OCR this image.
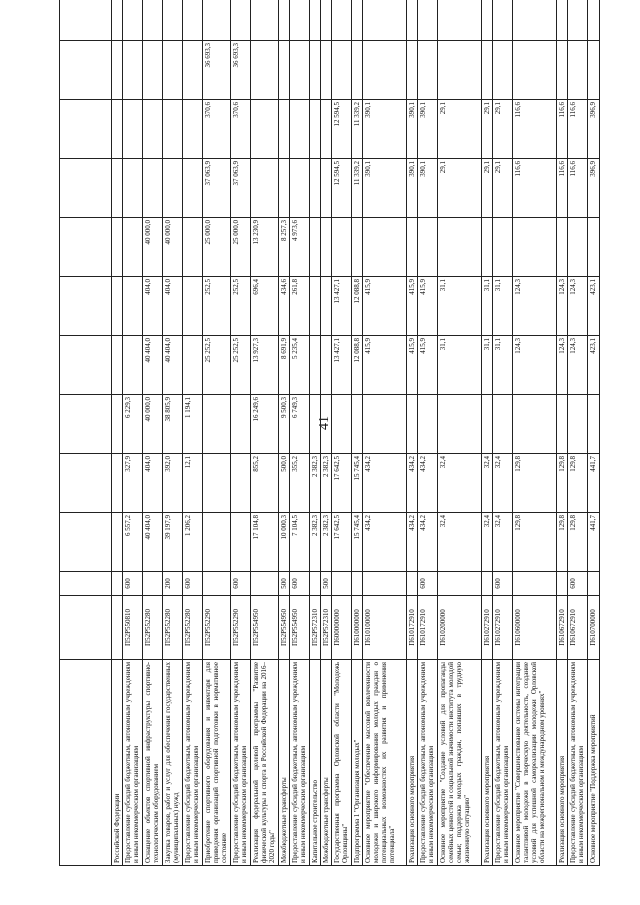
41

Российской Федерации												
Предоставление субсидий бюджетным, автономным учреждениям и иным некоммерческим организациям	П52Р550810	600	6 557,2	327,9	6 229,3							
Оснащение объектов спортивной инфраструктуры спортивно-технологическим оборудованием	П52Р552280		40 404,0	404,0	40 000,0	40 404,0	404,0	40 000,0				
Закупка товаров, работ и услуг для обеспечения государственных (муниципальных) нужд	П52Р552280	200	39 197,9	392,0	38 805,9	40 404,0	404,0	40 000,0				
Предоставление субсидий бюджетным, автономным учреждениям и иным некоммерческим организациям	П52Р552280	600	1 206,2	12,1	1 194,1							
Приобретение спортивного оборудования и инвентаря для приведения организаций спортивной подготовки в нормативное состояние	П52Р552290					25 252,5	252,5	25 000,0	37 063,9	370,6	36 693,3	
Предоставление субсидий бюджетным, автономным учреждениям и иным некоммерческим организациям	П52Р552290	600				25 252,5	252,5	25 000,0	37 063,9	370,6	36 693,3	
Реализация федеральной целевой программы "Развитие физической культуры и спорта в Российской Федерации на 2016–2020 годы"	П52Р554950		17 104,8	855,2	16 249,6	13 927,3	696,4	13 230,9				
Межбюджетные трансферты	П52Р554950	500	10 000,3	500,0	9 500,3	8 691,9	434,6	8 257,3				
Предоставление субсидий бюджетным, автономным учреждениям и иным некоммерческим организациям	П52Р554950	600	7 104,5	355,2	6 749,3	5 235,4	261,8	4 973,6				
Капитальное строительство	П52Р572310		2 382,3	2 382,3								
Межбюджетные трансферты	П52Р572310	500	2 382,3	2 382,3								
Государственная программа Орловской области "Молодежь Орловщины"	П600000000		17 642,5	17 642,5		13 427,1	13 427,1		12 594,5	12 594,5		
Подпрограмма 1 "Организация молодых"	П610000000		15 745,4	15 745,4		12 088,8	12 088,8		11 339,2	11 339,2		
Основное мероприятие "Обеспечение массовой вовлеченности молодежи и широкого информирования молодых граждан о потенциальных возможностях их развития и применения потенциала"	П610100000		434,2	434,2		415,9	415,9		390,1	390,1		
Реализация основного мероприятия	П610172910		434,2	434,2		415,9	415,9		390,1	390,1		
Предоставление субсидий бюджетным, автономным учреждениям и иным некоммерческим организациям	П610172910	600	434,2	434,2		415,9	415,9		390,1	390,1		
Основное мероприятие "Создание условий для пропаганды семейных ценностей и социальной значимости института молодой семьи; поддержка молодых граждан, попавших в трудную жизненную ситуацию"	П610200000		32,4	32,4		31,1	31,1		29,1	29,1		
Реализация основного мероприятия	П610272910		32,4	32,4		31,1	31,1		29,1	29,1		
Предоставление субсидий бюджетным, автономным учреждениям и иным некоммерческим организациям	П610272910	600	32,4	32,4		31,1	31,1		29,1	29,1		
Основное мероприятие "Совершенствование системы интеграции талантливой молодежи в творческую деятельность, создание условий для успешной самореализации молодежи Орловской области на межрегиональном и международном уровнях"	П610600000		129,8	129,8		124,3	124,3		116,6	116,6		
Реализация основного мероприятия	П610672910		129,8	129,8		124,3	124,3		116,6	116,6		
Предоставление субсидий бюджетным, автономным учреждениям и иным некоммерческим организациям	П610672910	600	129,8	129,8		124,3	124,3		116,6	116,6		
Основное мероприятие "Поддержка мероприятий	П610700000		441,7	441,7		423,1	423,1		396,9	396,9		
